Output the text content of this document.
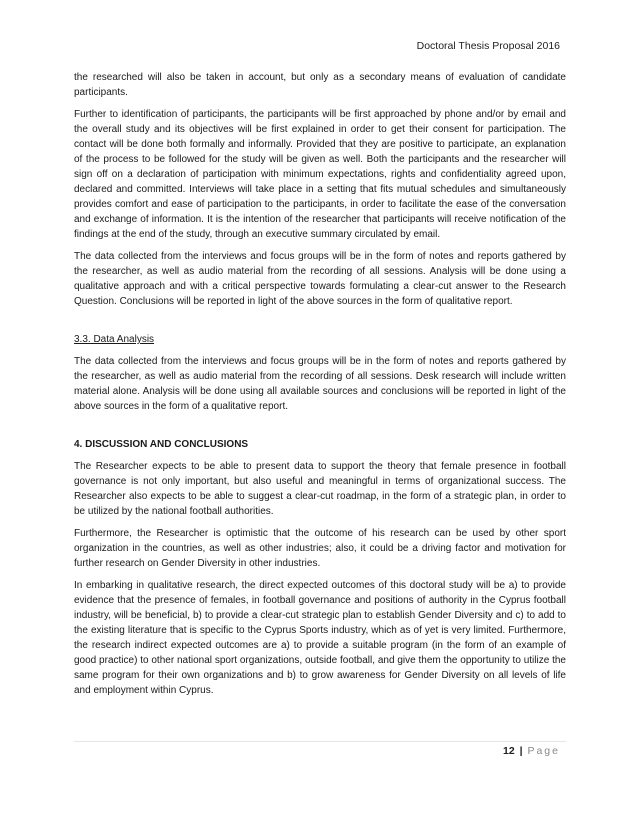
Doctoral Thesis Proposal 2016

the researched will also be taken in account, but only as a secondary means of evaluation of candidate participants.

Further to identification of participants, the participants will be first approached by phone and/or by email and the overall study and its objectives will be first explained in order to get their consent for participation. The contact will be done both formally and informally. Provided that they are positive to participate, an explanation of the process to be followed for the study will be given as well. Both the participants and the researcher will sign off on a declaration of participation with minimum expectations, rights and confidentiality agreed upon, declared and committed. Interviews will take place in a setting that fits mutual schedules and simultaneously provides comfort and ease of participation to the participants, in order to facilitate the ease of the conversation and exchange of information. It is the intention of the researcher that participants will receive notification of the findings at the end of the study, through an executive summary circulated by email.

The data collected from the interviews and focus groups will be in the form of notes and reports gathered by the researcher, as well as audio material from the recording of all sessions. Analysis will be done using a qualitative approach and with a critical perspective towards formulating a clear-cut answer to the Research Question. Conclusions will be reported in light of the above sources in the form of qualitative report.

3.3. Data Analysis

The data collected from the interviews and focus groups will be in the form of notes and reports gathered by the researcher, as well as audio material from the recording of all sessions. Desk research will include written material alone. Analysis will be done using all available sources and conclusions will be reported in light of the above sources in the form of a qualitative report.

4. DISCUSSION AND CONCLUSIONS

The Researcher expects to be able to present data to support the theory that female presence in football governance is not only important, but also useful and meaningful in terms of organizational success. The Researcher also expects to be able to suggest a clear-cut roadmap, in the form of a strategic plan, in order to be utilized by the national football authorities.

Furthermore, the Researcher is optimistic that the outcome of his research can be used by other sport organization in the countries, as well as other industries; also, it could be a driving factor and motivation for further research on Gender Diversity in other industries.

In embarking in qualitative research, the direct expected outcomes of this doctoral study will be a) to provide evidence that the presence of females, in football governance and positions of authority in the Cyprus football industry, will be beneficial, b) to provide a clear-cut strategic plan to establish Gender Diversity and c) to add to the existing literature that is specific to the Cyprus Sports industry, which as of yet is very limited. Furthermore, the research indirect expected outcomes are a) to provide a suitable program (in the form of an example of good practice) to other national sport organizations, outside football, and give them the opportunity to utilize the same program for their own organizations and b) to grow awareness for Gender Diversity on all levels of life and employment within Cyprus.

12 | Page
